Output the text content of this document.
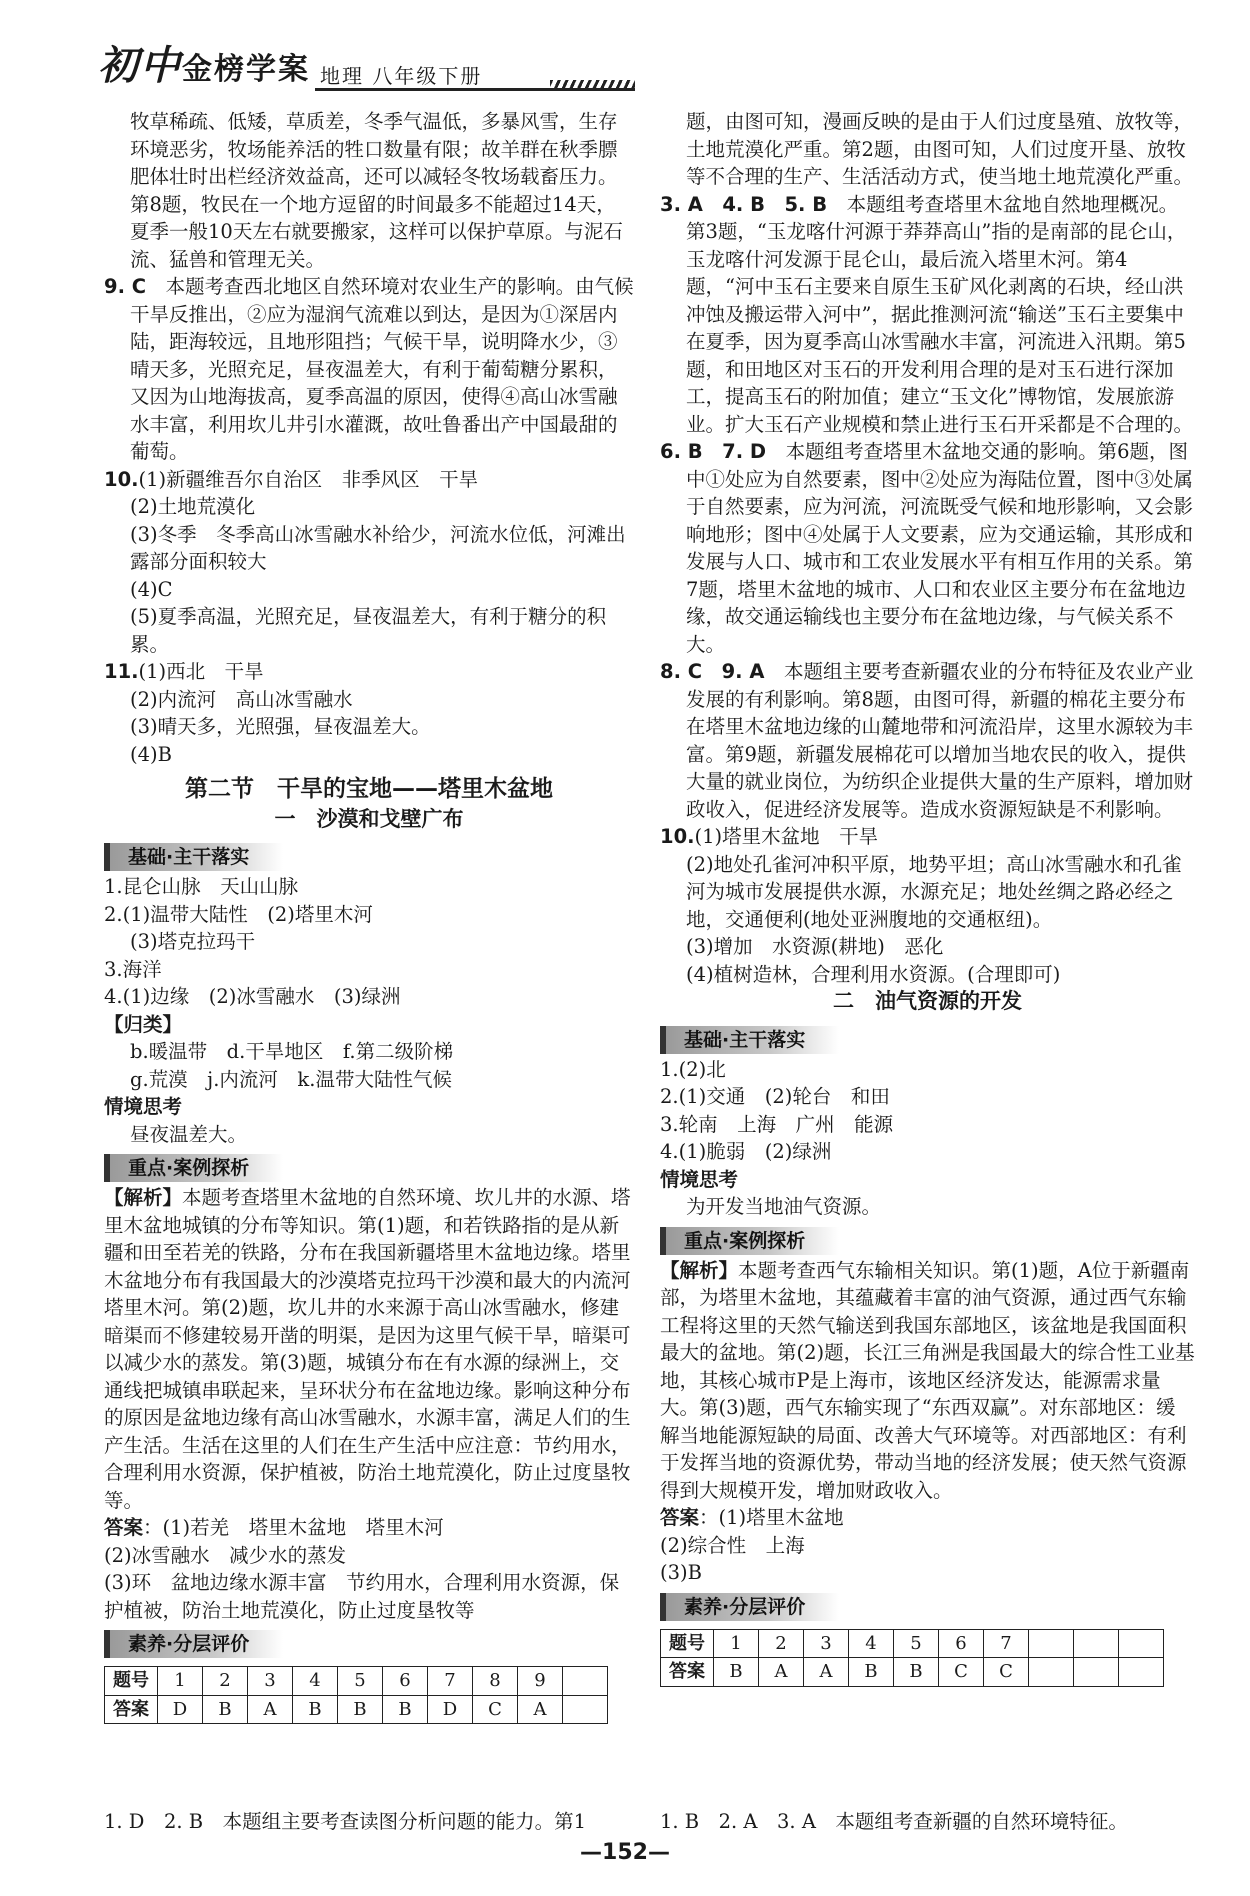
初中金榜学案 地理 八年级下册

牧草稀疏、低矮，草质差，冬季气温低，多暴风雪，生存环境恶劣，牧场能养活的牲口数量有限；故羊群在秋季膘肥体壮时出栏经济效益高，还可以减轻冬牧场载畜压力。第8题，牧民在一个地方逗留的时间最多不能超过14天，夏季一般10天左右就要搬家，这样可以保护草原。与泥石流、猛兽和管理无关。

9. C　 本题考查西北地区自然环境对农业生产的影响。由气候干旱反推出，②应为湿润气流难以到达，是因为①深居内陆，距海较远，且地形阻挡；气候干旱，说明降水少，③晴天多，光照充足，昼夜温差大，有利于葡萄糖分累积，又因为山地海拔高，夏季高温的原因，使得④高山冰雪融水丰富，利用坎儿井引水灌溉，故吐鲁番出产中国最甜的葡萄。

10.(1)新疆维吾尔自治区　非季风区　干旱

(2)土地荒漠化

(3)冬季　冬季高山冰雪融水补给少，河流水位低，河滩出露部分面积较大

(4)C

(5)夏季高温，光照充足，昼夜温差大，有利于糖分的积累。

11.(1)西北　干旱

(2)内流河　高山冰雪融水

(3)晴天多，光照强，昼夜温差大。

(4)B

第二节　干旱的宝地——塔里木盆地
一　沙漠和戈壁广布
基础·主干落实

1.昆仑山脉　天山山脉

2.(1)温带大陆性　(2)塔里木河

(3)塔克拉玛干

3.海洋

4.(1)边缘　(2)冰雪融水　(3)绿洲

【归类】

b.暖温带　d.干旱地区　f.第二级阶梯

g.荒漠　j.内流河　k.温带大陆性气候

情境思考

昼夜温差大。

重点·案例探析

【解析】本题考查塔里木盆地的自然环境、坎儿井的水源、塔里木盆地城镇的分布等知识。第(1)题，和若铁路指的是从新疆和田至若羌的铁路，分布在我国新疆塔里木盆地边缘。塔里木盆地分布有我国最大的沙漠塔克拉玛干沙漠和最大的内流河塔里木河。第(2)题，坎儿井的水来源于高山冰雪融水，修建暗渠而不修建较易开凿的明渠，是因为这里气候干旱，暗渠可以减少水的蒸发。第(3)题，城镇分布在有水源的绿洲上，交通线把城镇串联起来，呈环状分布在盆地边缘。影响这种分布的原因是盆地边缘有高山冰雪融水，水源丰富，满足人们的生产生活。生活在这里的人们在生产生活中应注意：节约用水，合理利用水资源，保护植被，防治土地荒漠化，防止过度垦牧等。

答案：(1)若羌　塔里木盆地　塔里木河

(2)冰雪融水　减少水的蒸发

(3)环　盆地边缘水源丰富　节约用水，合理利用水资源，保护植被，防治土地荒漠化，防止过度垦牧等

素养·分层评价
题号	1	2	3	4	5	6	7	8	9	
答案	D	B	A	B	B	B	D	C	A	

题，由图可知，漫画反映的是由于人们过度垦殖、放牧等，土地荒漠化严重。第2题，由图可知，人们过度开垦、放牧等不合理的生产、生活活动方式，使当地土地荒漠化严重。

3. A　4. B　5. B　 本题组考查塔里木盆地自然地理概况。第3题，“玉龙喀什河源于莽莽高山”指的是南部的昆仑山，玉龙喀什河发源于昆仑山，最后流入塔里木河。第4题，“河中玉石主要来自原生玉矿风化剥离的石块，经山洪冲蚀及搬运带入河中”，据此推测河流“输送”玉石主要集中在夏季，因为夏季高山冰雪融水丰富，河流进入汛期。第5题，和田地区对玉石的开发利用合理的是对玉石进行深加工，提高玉石的附加值；建立“玉文化”博物馆，发展旅游业。扩大玉石产业规模和禁止进行玉石开采都是不合理的。

6. B　7. D　 本题组考查塔里木盆地交通的影响。第6题，图中①处应为自然要素，图中②处应为海陆位置，图中③处属于自然要素，应为河流，河流既受气候和地形影响，又会影响地形；图中④处属于人文要素，应为交通运输，其形成和发展与人口、城市和工农业发展水平有相互作用的关系。第7题，塔里木盆地的城市、人口和农业区主要分布在盆地边缘，故交通运输线也主要分布在盆地边缘，与气候关系不大。

8. C　9. A　 本题组主要考查新疆农业的分布特征及农业产业发展的有利影响。第8题，由图可得，新疆的棉花主要分布在塔里木盆地边缘的山麓地带和河流沿岸，这里水源较为丰富。第9题，新疆发展棉花可以增加当地农民的收入，提供大量的就业岗位，为纺织企业提供大量的生产原料，增加财政收入，促进经济发展等。造成水资源短缺是不利影响。

10.(1)塔里木盆地　干旱

(2)地处孔雀河冲积平原，地势平坦；高山冰雪融水和孔雀河为城市发展提供水源，水源充足；地处丝绸之路必经之地，交通便利(地处亚洲腹地的交通枢纽)。

(3)增加　水资源(耕地)　恶化

(4)植树造林，合理利用水资源。(合理即可)

二　油气资源的开发
基础·主干落实

1.(2)北

2.(1)交通　(2)轮台　和田

3.轮南　上海　广州　能源

4.(1)脆弱　(2)绿洲

情境思考

为开发当地油气资源。

重点·案例探析

【解析】本题考查西气东输相关知识。第(1)题，A位于新疆南部，为塔里木盆地，其蕴藏着丰富的油气资源，通过西气东输工程将这里的天然气输送到我国东部地区，该盆地是我国面积最大的盆地。第(2)题，长江三角洲是我国最大的综合性工业基地，其核心城市P是上海市，该地区经济发达，能源需求量大。第(3)题，西气东输实现了“东西双赢”。对东部地区：缓解当地能源短缺的局面、改善大气环境等。对西部地区：有利于发挥当地的资源优势，带动当地的经济发展；使天然气资源得到大规模开发，增加财政收入。

答案：(1)塔里木盆地

(2)综合性　上海

(3)B

素养·分层评价
题号	1	2	3	4	5	6	7			
答案	B	A	A	B	B	C	C			
1. D　2. B　本题组主要考查读图分析问题的能力。第1	1. B　2. A　3. A　本题组考查新疆的自然环境特征。
—152—
